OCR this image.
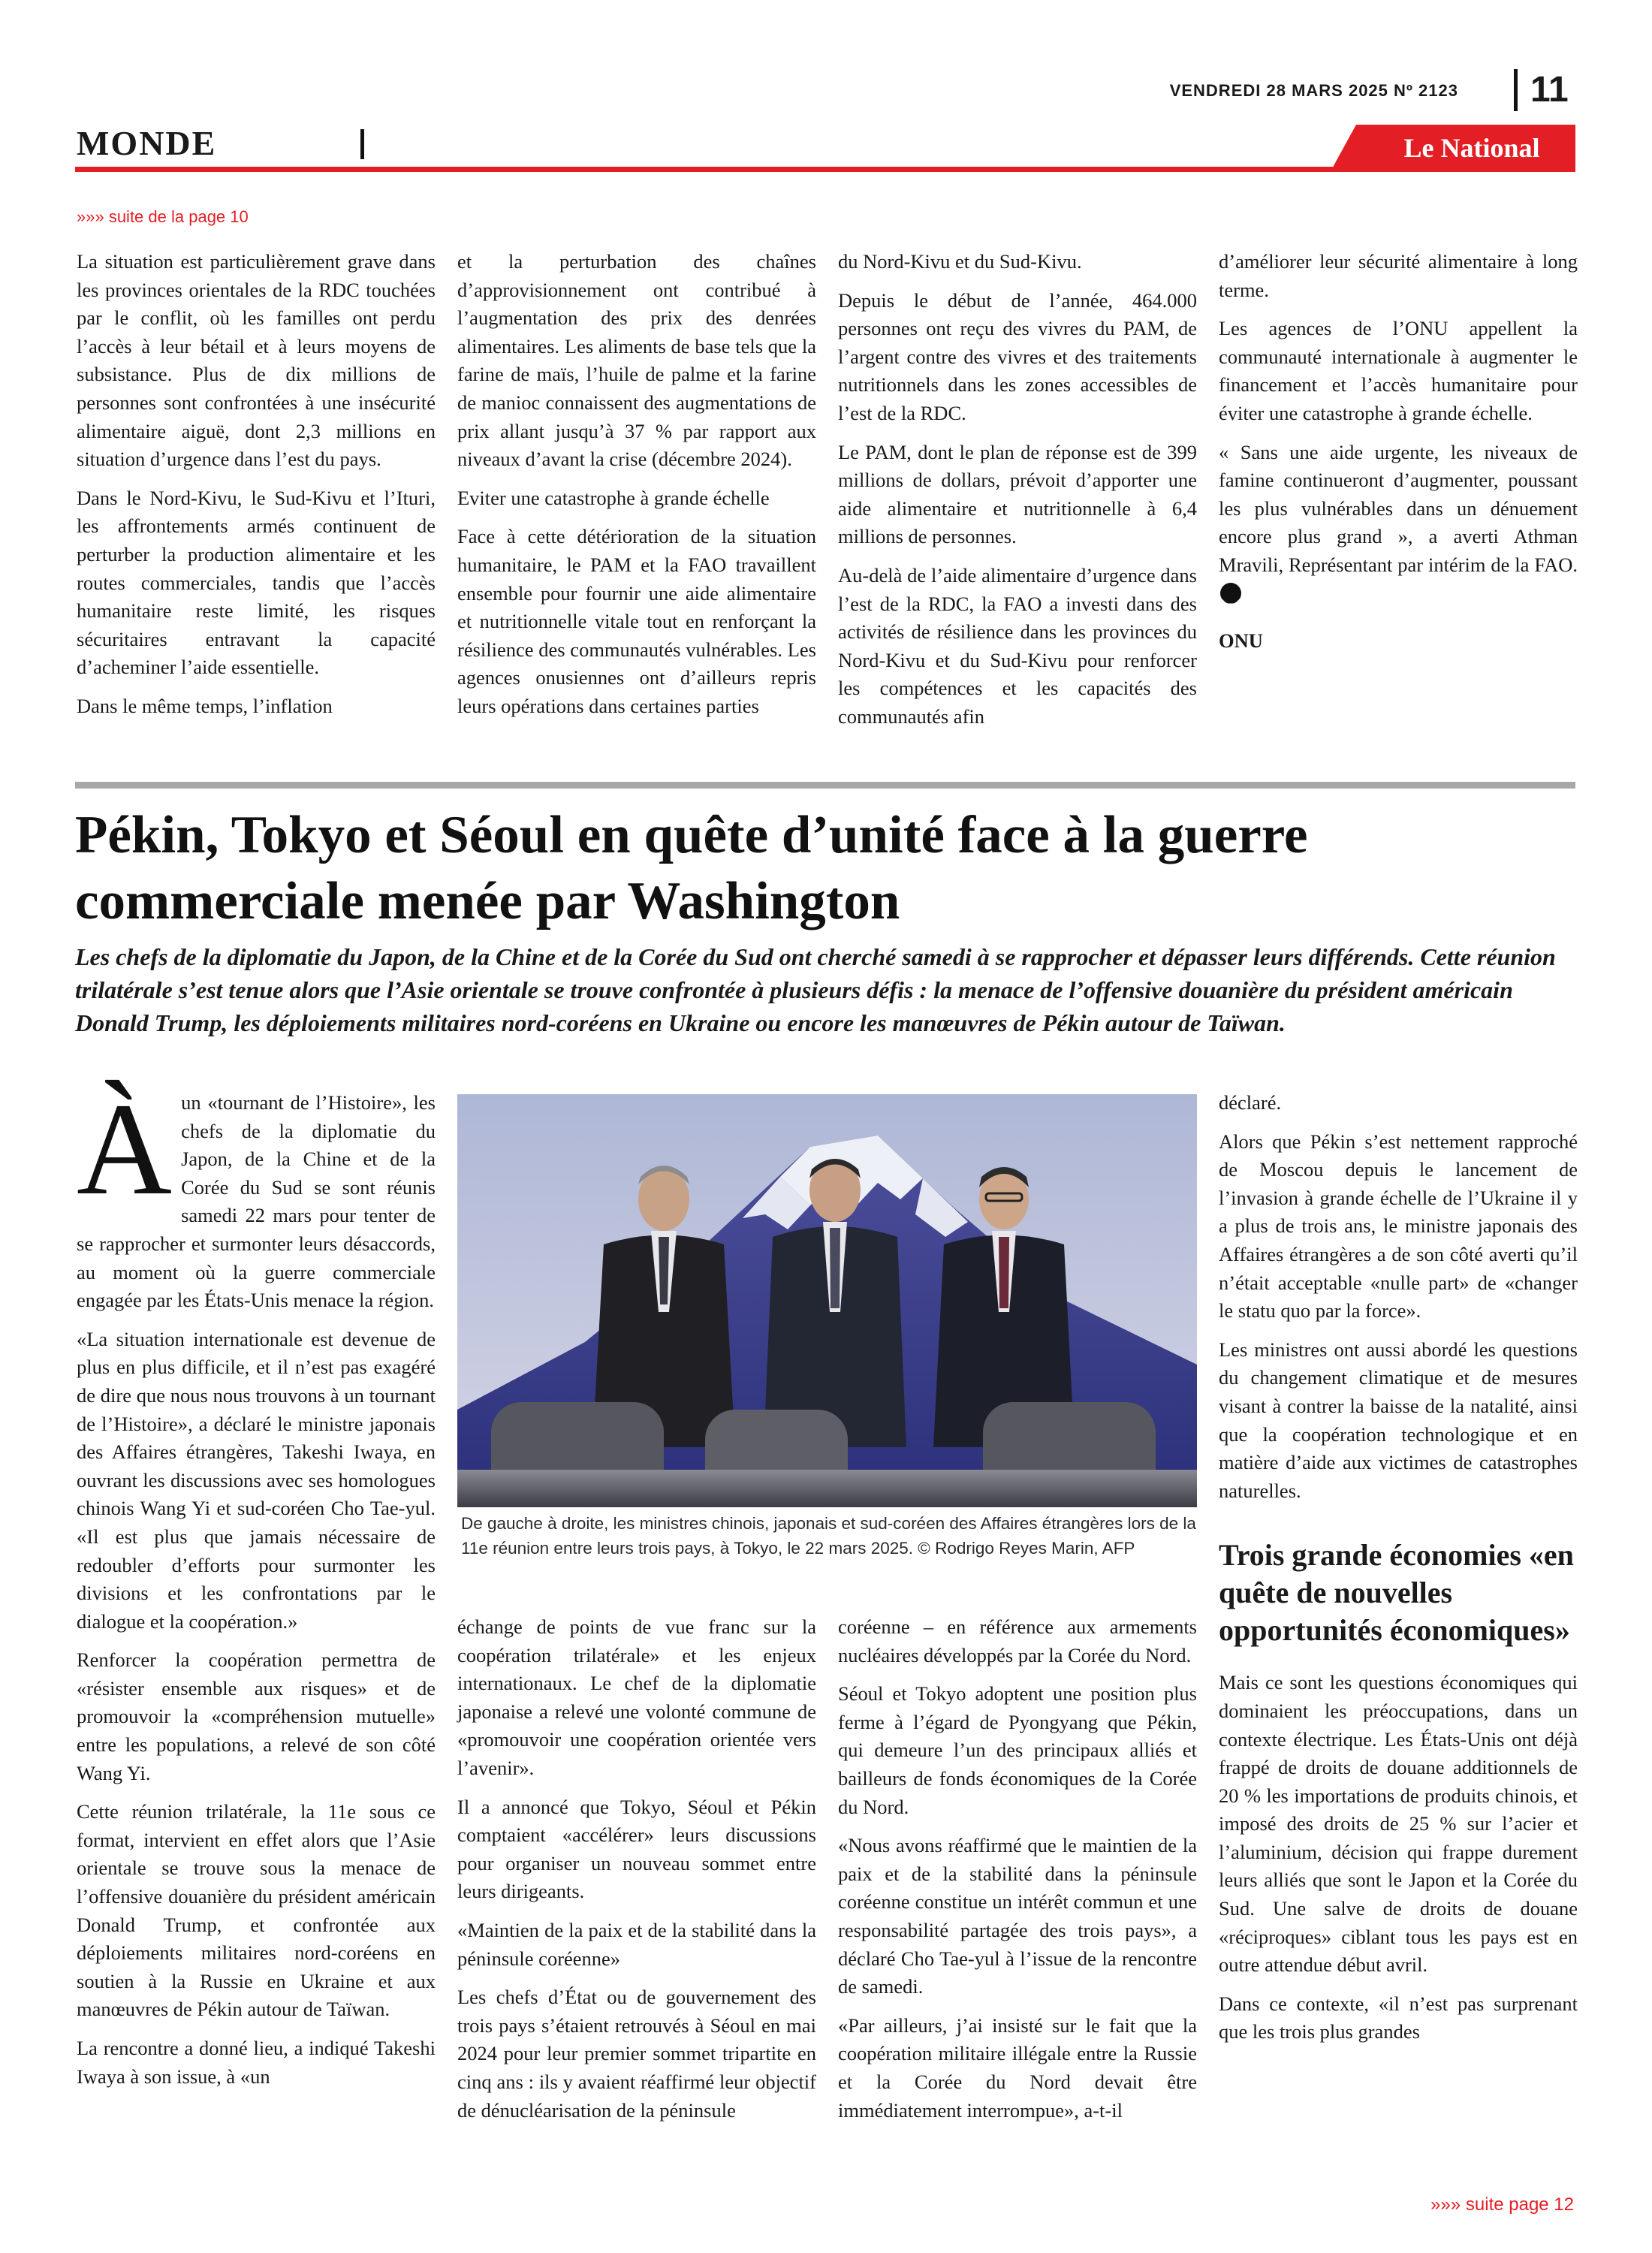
VENDREDI 28 MARS 2025 Nº 2123 11
MONDE	Le National
»»» suite de la page 10

La situation est particulièrement grave dans les provinces orientales de la RDC touchées par le conflit, où les familles ont perdu l’accès à leur bétail et à leurs moyens de subsistance. Plus de dix millions de personnes sont confrontées à une insécurité alimentaire aiguë, dont 2,3 millions en situation d’urgence dans l’est du pays.

Dans le Nord-Kivu, le Sud-Kivu et l’Ituri, les affrontements armés continuent de perturber la production alimentaire et les routes commerciales, tandis que l’accès humanitaire reste limité, les risques sécuritaires entravant la capacité d’acheminer l’aide essentielle.

Dans le même temps, l’inflation

et la perturbation des chaînes d’approvisionnement ont contribué à l’augmentation des prix des denrées alimentaires. Les aliments de base tels que la farine de maïs, l’huile de palme et la farine de manioc connaissent des augmentations de prix allant jusqu’à 37 % par rapport aux niveaux d’avant la crise (décembre 2024).

Eviter une catastrophe à grande échelle

Face à cette détérioration de la situation humanitaire, le PAM et la FAO travaillent ensemble pour fournir une aide alimentaire et nutritionnelle vitale tout en renforçant la résilience des communautés vulnérables. Les agences onusiennes ont d’ailleurs repris leurs opérations dans certaines parties

du Nord-Kivu et du Sud-Kivu.

Depuis le début de l’année, 464.000 personnes ont reçu des vivres du PAM, de l’argent contre des vivres et des traitements nutritionnels dans les zones accessibles de l’est de la RDC.

Le PAM, dont le plan de réponse est de 399 millions de dollars, prévoit d’apporter une aide alimentaire et nutritionnelle à 6,4 millions de personnes.

Au-delà de l’aide alimentaire d’urgence dans l’est de la RDC, la FAO a investi dans des activités de résilience dans les provinces du Nord-Kivu et du Sud-Kivu pour renforcer les compétences et les capacités des communautés afin

d’améliorer leur sécurité alimentaire à long terme.

Les agences de l’ONU appellent la communauté internationale à augmenter le financement et l’accès humanitaire pour éviter une catastrophe à grande échelle.

« Sans une aide urgente, les niveaux de famine continueront d’augmenter, poussant les plus vulnérables dans un dénuement encore plus grand », a averti Athman Mravili, Représentant par intérim de la FAO.

ONU

Pékin, Tokyo et Séoul en quête d’unité face à la guerre commerciale menée par Washington
Les chefs de la diplomatie du Japon, de la Chine et de la Corée du Sud ont cherché samedi à se rapprocher et dépasser leurs différends. Cette réunion trilatérale s’est tenue alors que l’Asie orientale se trouve confrontée à plusieurs défis : la menace de l’offensive douanière du président américain Donald Trump, les déploiements militaires nord-coréens en Ukraine ou encore les manœuvres de Pékin autour de Taïwan.

Àun «tournant de l’Histoire», les chefs de la diplomatie du Japon, de la Chine et de la Corée du Sud se sont réunis samedi 22 mars pour tenter de se rapprocher et surmonter leurs désaccords, au moment où la guerre commerciale engagée par les États-Unis menace la région.

«La situation internationale est devenue de plus en plus difficile, et il n’est pas exagéré de dire que nous nous trouvons à un tournant de l’Histoire», a déclaré le ministre japonais des Affaires étrangères, Takeshi Iwaya, en ouvrant les discussions avec ses homologues chinois Wang Yi et sud-coréen Cho Tae-yul. «Il est plus que jamais nécessaire de redoubler d’efforts pour surmonter les divisions et les confrontations par le dialogue et la coopération.»

Renforcer la coopération permettra de «résister ensemble aux risques» et de promouvoir la «compréhension mutuelle» entre les populations, a relevé de son côté Wang Yi.

Cette réunion trilatérale, la 11e sous ce format, intervient en effet alors que l’Asie orientale se trouve sous la menace de l’offensive douanière du président américain Donald Trump, et confrontée aux déploiements militaires nord-coréens en soutien à la Russie en Ukraine et aux manœuvres de Pékin autour de Taïwan.

La rencontre a donné lieu, a indiqué Takeshi Iwaya à son issue, à «un

De gauche à droite, les ministres chinois, japonais et sud-coréen des Affaires étrangères lors de la 11e réunion entre leurs trois pays, à Tokyo, le 22 mars 2025. © Rodrigo Reyes Marin, AFP

échange de points de vue franc sur la coopération trilatérale» et les enjeux internationaux. Le chef de la diplomatie japonaise a relevé une volonté commune de «promouvoir une coopération orientée vers l’avenir».

Il a annoncé que Tokyo, Séoul et Pékin comptaient «accélérer» leurs discussions pour organiser un nouveau sommet entre leurs dirigeants.

«Maintien de la paix et de la stabilité dans la péninsule coréenne»

Les chefs d’État ou de gouvernement des trois pays s’étaient retrouvés à Séoul en mai 2024 pour leur premier sommet tripartite en cinq ans : ils y avaient réaffirmé leur objectif de dénucléarisation de la péninsule

coréenne – en référence aux armements nucléaires développés par la Corée du Nord.

Séoul et Tokyo adoptent une position plus ferme à l’égard de Pyongyang que Pékin, qui demeure l’un des principaux alliés et bailleurs de fonds économiques de la Corée du Nord.

«Nous avons réaffirmé que le maintien de la paix et de la stabilité dans la péninsule coréenne constitue un intérêt commun et une responsabilité partagée des trois pays», a déclaré Cho Tae-yul à l’issue de la rencontre de samedi.

«Par ailleurs, j’ai insisté sur le fait que la coopération militaire illégale entre la Russie et la Corée du Nord devait être immédiatement interrompue», a-t-il

déclaré.

Alors que Pékin s’est nettement rapproché de Moscou depuis le lancement de l’invasion à grande échelle de l’Ukraine il y a plus de trois ans, le ministre japonais des Affaires étrangères a de son côté averti qu’il n’était acceptable «nulle part» de «changer le statu quo par la force».

Les ministres ont aussi abordé les questions du changement climatique et de mesures visant à contrer la baisse de la natalité, ainsi que la coopération technologique et en matière d’aide aux victimes de catastrophes naturelles.

Trois grande économies «en quête de nouvelles opportunités économiques»

Mais ce sont les questions économiques qui dominaient les préoccupations, dans un contexte électrique. Les États-Unis ont déjà frappé de droits de douane additionnels de 20 % les importations de produits chinois, et imposé des droits de 25 % sur l’acier et l’aluminium, décision qui frappe durement leurs alliés que sont le Japon et la Corée du Sud. Une salve de droits de douane «réciproques» ciblant tous les pays est en outre attendue début avril.

Dans ce contexte, «il n’est pas surprenant que les trois plus grandes

»»» suite page 12
